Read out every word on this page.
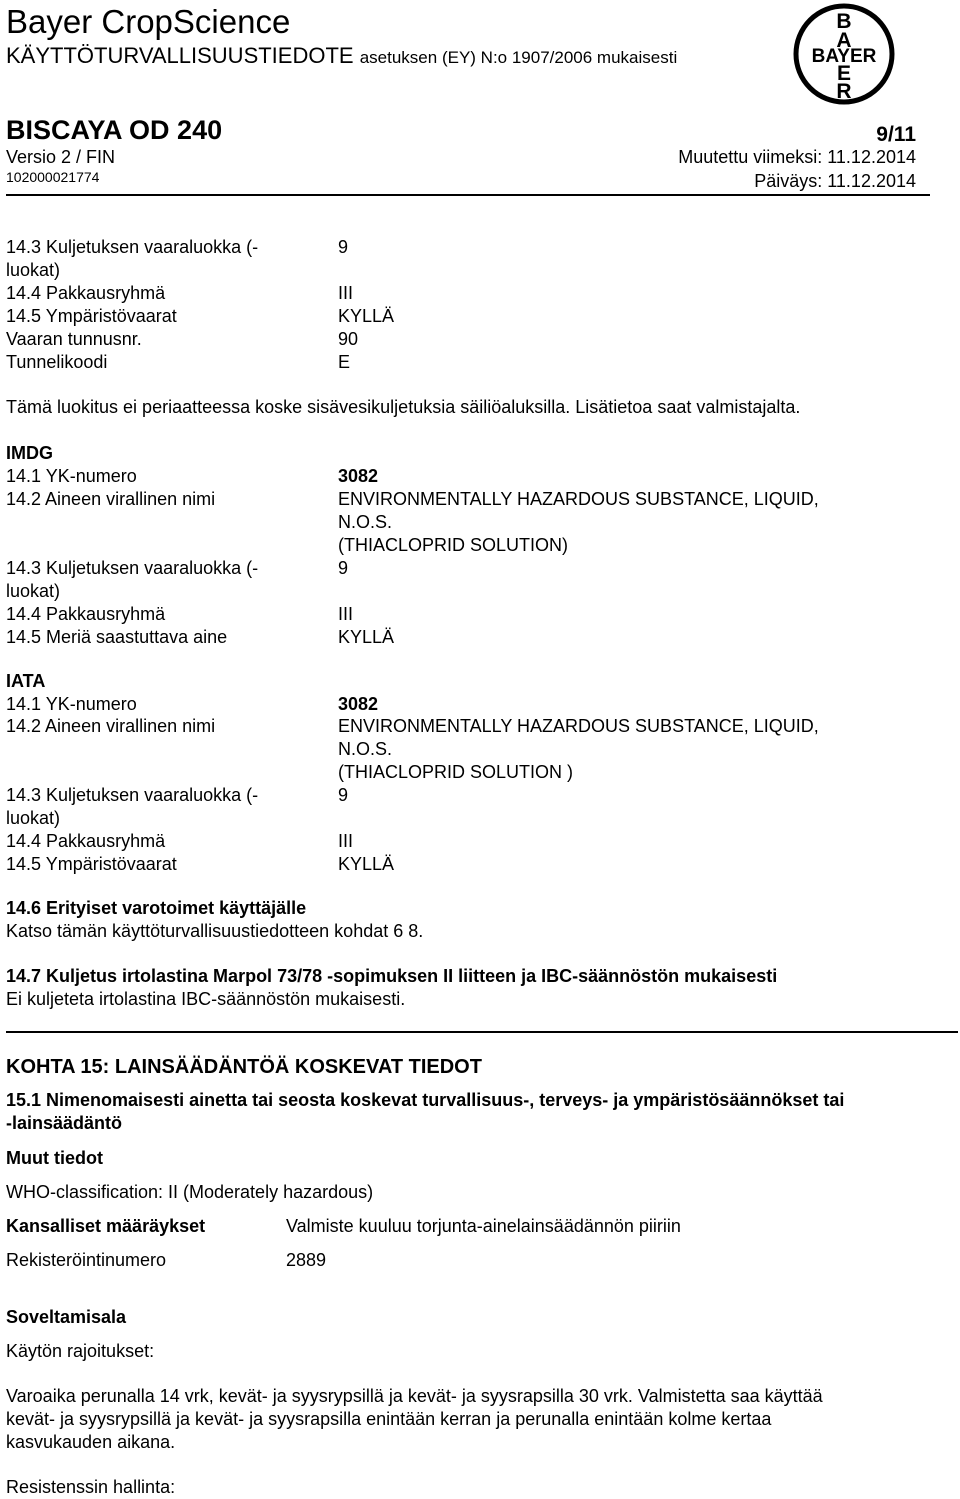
Bayer CropScience
KÄYTTÖTURVALLISUUSTIEDOTE asetuksen (EY) N:o 1907/2006 mukaisesti
B
A
BAYER
E
R
BISCAYA OD 240	9/11
Versio 2 / FIN	Muutettu viimeksi: 11.12.2014
102000021774	Päiväys: 11.12.2014
14.3 Kuljetuksen vaaraluokka (-	9
luokat)
14.4 Pakkausryhmä	III
14.5 Ympäristövaarat	KYLLÄ
Vaaran tunnusnr.	90
Tunnelikoodi	E
Tämä luokitus ei periaatteessa koske sisävesikuljetuksia säiliöaluksilla. Lisätietoa saat valmistajalta.
IMDG
14.1 YK-numero	3082
14.2 Aineen virallinen nimi	ENVIRONMENTALLY HAZARDOUS SUBSTANCE, LIQUID,
N.O.S.
(THIACLOPRID SOLUTION)
14.3 Kuljetuksen vaaraluokka (-	9
luokat)
14.4 Pakkausryhmä	III
14.5 Meriä saastuttava aine	KYLLÄ
IATA
14.1 YK-numero	3082
14.2 Aineen virallinen nimi	ENVIRONMENTALLY HAZARDOUS SUBSTANCE, LIQUID,
N.O.S.
(THIACLOPRID SOLUTION )
14.3 Kuljetuksen vaaraluokka (-	9
luokat)
14.4 Pakkausryhmä	III
14.5 Ympäristövaarat	KYLLÄ
14.6 Erityiset varotoimet käyttäjälle
Katso tämän käyttöturvallisuustiedotteen kohdat 6 8.
14.7 Kuljetus irtolastina Marpol 73/78 -sopimuksen II liitteen ja IBC-säännöstön mukaisesti
Ei kuljeteta irtolastina IBC-säännöstön mukaisesti.
KOHTA 15: LAINSÄÄDÄNTÖÄ KOSKEVAT TIEDOT
15.1 Nimenomaisesti ainetta tai seosta koskevat turvallisuus-, terveys- ja ympäristösäännökset tai
-lainsäädäntö
Muut tiedot
WHO-classification: II (Moderately hazardous)
Kansalliset määräykset	Valmiste kuuluu torjunta-ainelainsäädännön piiriin
Rekisteröintinumero	2889
Soveltamisala
Käytön rajoitukset:
Varoaika perunalla 14 vrk, kevät- ja syysrypsillä ja kevät- ja syysrapsilla 30 vrk. Valmistetta saa käyttää
kevät- ja syysrypsillä ja kevät- ja syysrapsilla enintään kerran ja perunalla enintään kolme kertaa
kasvukauden aikana.
Resistenssin hallinta:
